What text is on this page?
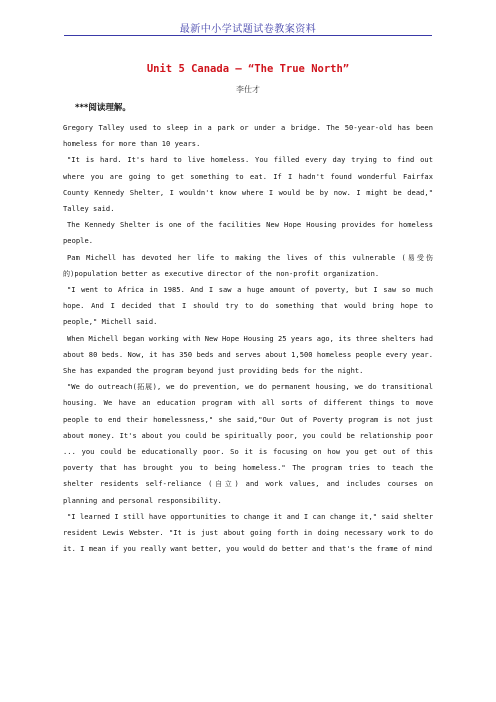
最新中小学试题试卷教案资料
Unit 5 Canada – “The True North”
李仕才
***阅读理解。

Gregory Talley used to sleep in a park or under a bridge. The 50-year-old has been homeless for more than 10 years.

"It is hard. It's hard to live homeless. You filled every day trying to find out where you are going to get something to eat. If I hadn't found wonderful Fairfax County Kennedy Shelter, I wouldn't know where I would be by now. I might be dead," Talley said.

The Kennedy Shelter is one of the facilities New Hope Housing provides for homeless people.

Pam Michell has devoted her life to making the lives of this vulnerable (易受伤的)population better as executive director of the non-profit organization.

"I went to Africa in 1985. And I saw a huge amount of poverty, but I saw so much hope. And I decided that I should try to do something that would bring hope to people," Michell said.

When Michell began working with New Hope Housing 25 years ago, its three shelters had about 80 beds. Now, it has 350 beds and serves about 1,500 homeless people every year. She has expanded the program beyond just providing beds for the night.

"We do outreach(拓展), we do prevention, we do permanent housing, we do transitional housing. We have an education program with all sorts of different things to move people to end their homelessness," she said,"Our Out of Poverty program is not just about money. It's about you could be spiritually poor, you could be relationship poor ... you could be educationally poor. So it is focusing on how you get out of this poverty that has brought you to being homeless." The program tries to teach the shelter residents self-reliance (自立) and work values, and includes courses on planning and personal responsibility.

"I learned I still have opportunities to change it and I can change it," said shelter resident Lewis Webster. "It is just about going forth in doing necessary work to do it. I mean if you really want better, you would do better and that's the frame of mind
